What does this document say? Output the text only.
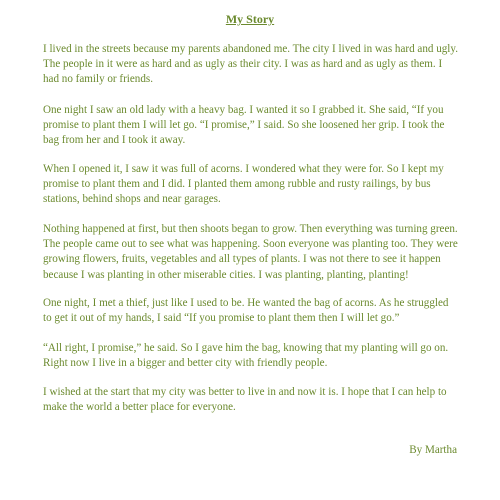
My Story

I lived in the streets because my parents abandoned me. The city I lived in was hard and ugly.
The people in it were as hard and as ugly as their city. I was as hard and as ugly as them. I
had no family or friends.

One night I saw an old lady with a heavy bag. I wanted it so I grabbed it. She said, “If you
promise to plant them I will let go. “I promise,” I said. So she loosened her grip. I took the
bag from her and I took it away.

When I opened it, I saw it was full of acorns. I wondered what they were for. So I kept my
promise to plant them and I did. I planted them among rubble and rusty railings, by bus
stations, behind shops and near garages.

Nothing happened at first, but then shoots began to grow. Then everything was turning green.
The people came out to see what was happening. Soon everyone was planting too. They were
growing flowers, fruits, vegetables and all types of plants. I was not there to see it happen
because I was planting in other miserable cities. I was planting, planting, planting!

One night, I met a thief, just like I used to be. He wanted the bag of acorns. As he struggled
to get it out of my hands, I said “If you promise to plant them then I will let go.”

“All right, I promise,” he said. So I gave him the bag, knowing that my planting will go on.
Right now I live in a bigger and better city with friendly people.

I wished at the start that my city was better to live in and now it is. I hope that I can help to
make the world a better place for everyone.

By Martha
